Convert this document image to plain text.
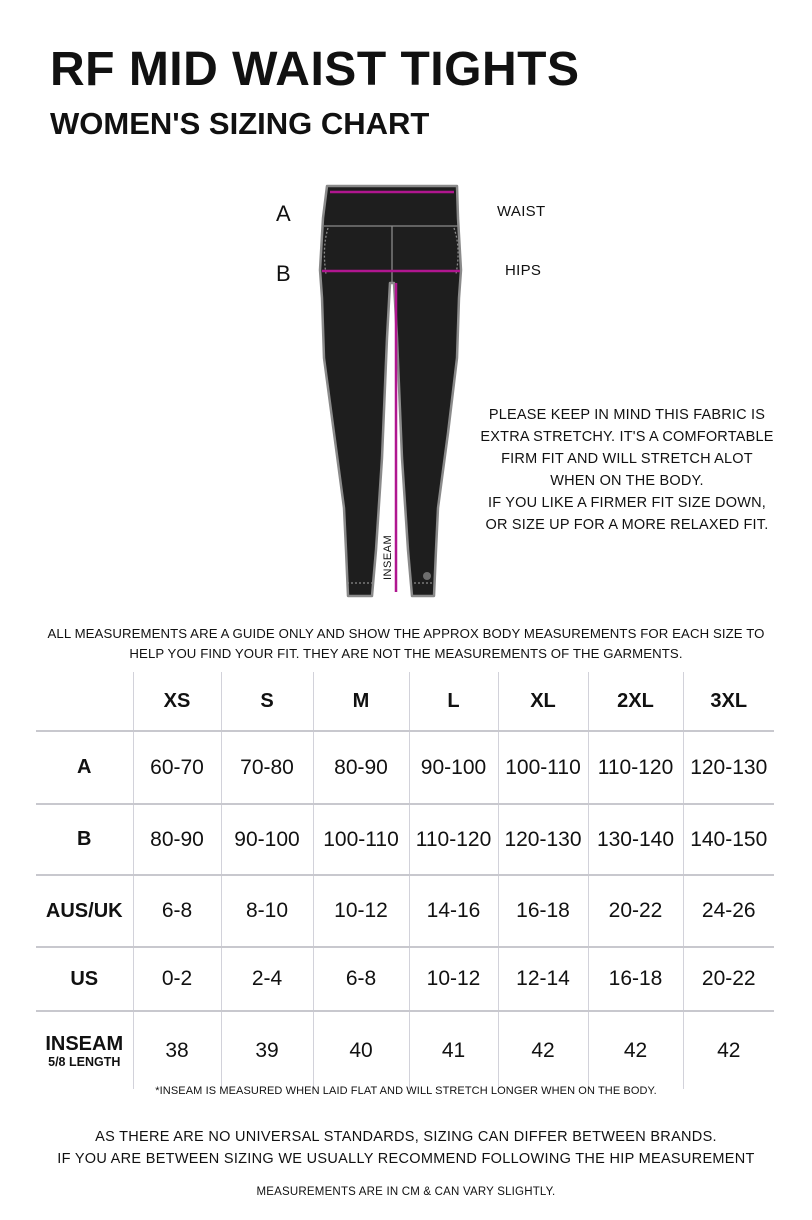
RF MID WAIST TIGHTS
WOMEN'S SIZING CHART
A
B
WAIST
HIPS
INSEAM
PLEASE KEEP IN MIND THIS FABRIC IS
EXTRA STRETCHY. IT'S A COMFORTABLE
FIRM FIT AND WILL STRETCH ALOT
WHEN ON THE BODY.
IF YOU LIKE A FIRMER FIT SIZE DOWN,
OR SIZE UP FOR A MORE RELAXED FIT.
ALL MEASUREMENTS ARE A GUIDE ONLY AND SHOW THE APPROX BODY MEASUREMENTS FOR EACH SIZE TO
HELP YOU FIND YOUR FIT. THEY ARE NOT THE MEASUREMENTS OF THE GARMENTS.
	XS	S	M	L	XL	2XL	3XL
A	60-70	70-80	80-90	90-100	100-110	110-120	120-130
B	80-90	90-100	100-110	110-120	120-130	130-140	140-150
AUS/UK	6-8	8-10	10-12	14-16	16-18	20-22	24-26
US	0-2	2-4	6-8	10-12	12-14	16-18	20-22

INSEAM
5/8 LENGTH	38	39	40	41	42	42	42
*INSEAM IS MEASURED WHEN LAID FLAT AND WILL STRETCH LONGER WHEN ON THE BODY.
AS THERE ARE NO UNIVERSAL STANDARDS, SIZING CAN DIFFER BETWEEN BRANDS.
IF YOU ARE BETWEEN SIZING WE USUALLY RECOMMEND FOLLOWING THE HIP MEASUREMENT
MEASUREMENTS ARE IN CM & CAN VARY SLIGHTLY.
